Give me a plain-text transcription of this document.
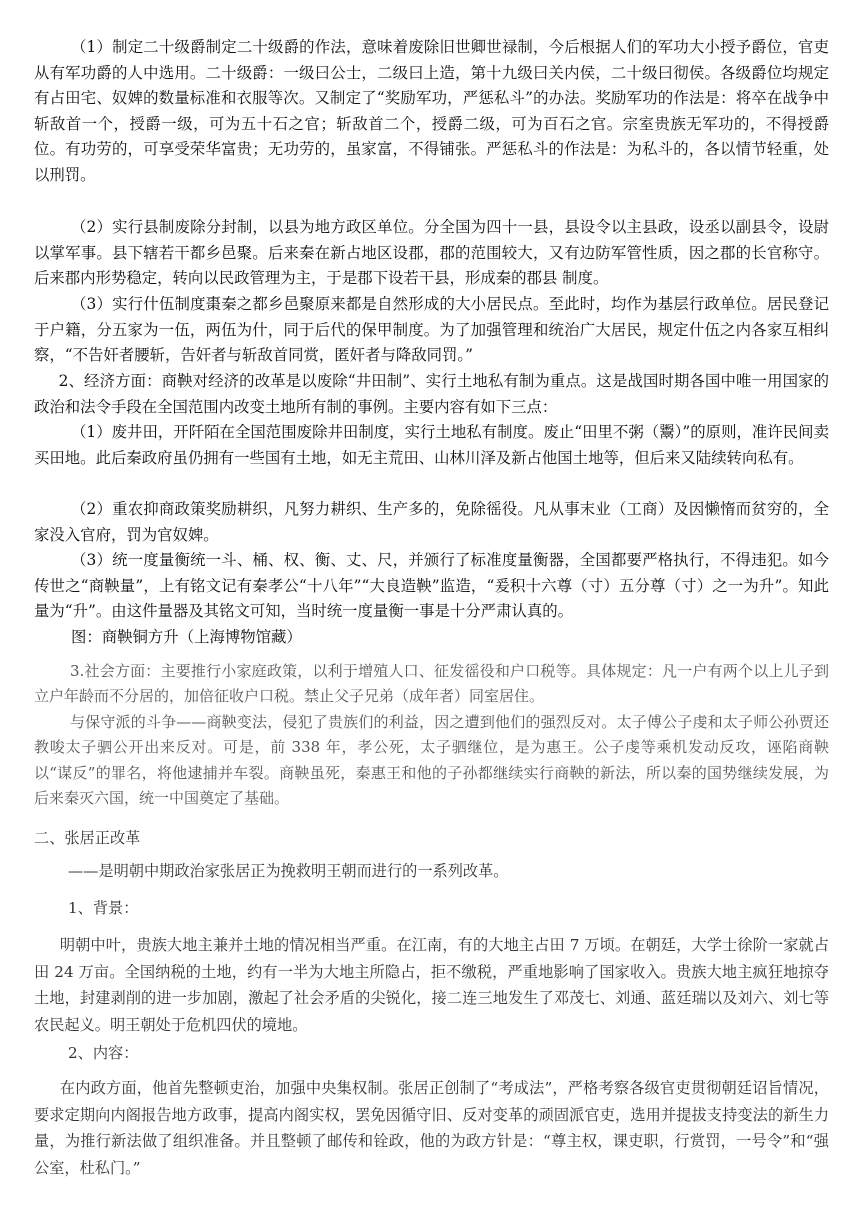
（1）制定二十级爵制定二十级爵的作法，意味着废除旧世卿世禄制，今后根据人们的军功大小授予爵位，官吏从有军功爵的人中选用。二十级爵：一级曰公士，二级曰上造，第十九级曰关内侯，二十级曰彻侯。各级爵位均规定有占田宅、奴婢的数量标准和衣服等次。又制定了“奖励军功，严惩私斗”的办法。奖励军功的作法是：将卒在战争中斩敌首一个，授爵一级，可为五十石之官；斩敌首二个，授爵二级，可为百石之官。宗室贵族无军功的，不得授爵位。有功劳的，可享受荣华富贵；无功劳的，虽家富，不得铺张。严惩私斗的作法是：为私斗的，各以情节轻重，处以刑罚。

（2）实行县制废除分封制，以县为地方政区单位。分全国为四十一县，县设令以主县政，设丞以副县令，设尉以掌军事。县下辖若干都乡邑聚。后来秦在新占地区设郡，郡的范围较大，又有边防军管性质，因之郡的长官称守。后来郡内形势稳定，转向以民政管理为主，于是郡下设若干县，形成秦的郡县 制度。

（3）实行什伍制度棗秦之都乡邑聚原来都是自然形成的大小居民点。至此时，均作为基层行政单位。居民登记于户籍，分五家为一伍，两伍为什，同于后代的保甲制度。为了加强管理和统治广大居民，规定什伍之内各家互相纠察，“不告奸者腰斩，告奸者与斩敌首同赏，匿奸者与降敌同罚。”

2、经济方面：商鞅对经济的改革是以废除“井田制”、实行土地私有制为重点。这是战国时期各国中唯一用国家的政治和法令手段在全国范围内改变土地所有制的事例。主要内容有如下三点：

（1）废井田，开阡陌在全国范围废除井田制度，实行土地私有制度。废止“田里不粥（鬻）”的原则，准许民间卖买田地。此后秦政府虽仍拥有一些国有土地，如无主荒田、山林川泽及新占他国土地等，但后来又陆续转向私有。

（2）重农抑商政策奖励耕织，凡努力耕织、生产多的，免除徭役。凡从事末业（工商）及因懒惰而贫穷的，全家没入官府，罚为官奴婢。

（3）统一度量衡统一斗、桶、权、衡、丈、尺，并颁行了标准度量衡器，全国都要严格执行，不得违犯。如今传世之“商鞅量”，上有铭文记有秦孝公“十八年”“大良造鞅”监造，“爰积十六尊（寸）五分尊（寸）之一为升”。知此量为“升”。由这件量器及其铭文可知，当时统一度量衡一事是十分严肃认真的。

图：商鞅铜方升（上海博物馆藏）

3.社会方面：主要推行小家庭政策，以利于增殖人口、征发徭役和户口税等。具体规定：凡一户有两个以上儿子到立户年龄而不分居的，加倍征收户口税。禁止父子兄弟（成年者）同室居住。

与保守派的斗争——商鞅变法，侵犯了贵族们的利益，因之遭到他们的强烈反对。太子傅公子虔和太子师公孙贾还教唆太子驷公开出来反对。可是，前 338 年，孝公死，太子驷继位，是为惠王。公子虔等乘机发动反攻，诬陷商鞅以“谋反”的罪名，将他逮捕并车裂。商鞅虽死，秦惠王和他的子孙都继续实行商鞅的新法，所以秦的国势继续发展，为后来秦灭六国，统一中国奠定了基础。

二、张居正改革

——是明朝中期政治家张居正为挽救明王朝而进行的一系列改革。

1、背景：

明朝中叶，贵族大地主兼并土地的情况相当严重。在江南，有的大地主占田 7 万顷。在朝廷，大学士徐阶一家就占田 24 万亩。全国纳税的土地，约有一半为大地主所隐占，拒不缴税，严重地影响了国家收入。贵族大地主疯狂地掠夺土地，封建剥削的进一步加剧，激起了社会矛盾的尖锐化，接二连三地发生了邓茂七、刘通、蓝廷瑞以及刘六、刘七等农民起义。明王朝处于危机四伏的境地。

2、内容：

在内政方面，他首先整顿吏治，加强中央集权制。张居正创制了“考成法”，严格考察各级官吏贯彻朝廷诏旨情况，要求定期向内阁报告地方政事，提高内阁实权，罢免因循守旧、反对变革的顽固派官吏，选用并提拔支持变法的新生力量，为推行新法做了组织准备。并且整顿了邮传和铨政，他的为政方针是：“尊主权，课吏职，行赏罚，一号令”和“强公室，杜私门。”
